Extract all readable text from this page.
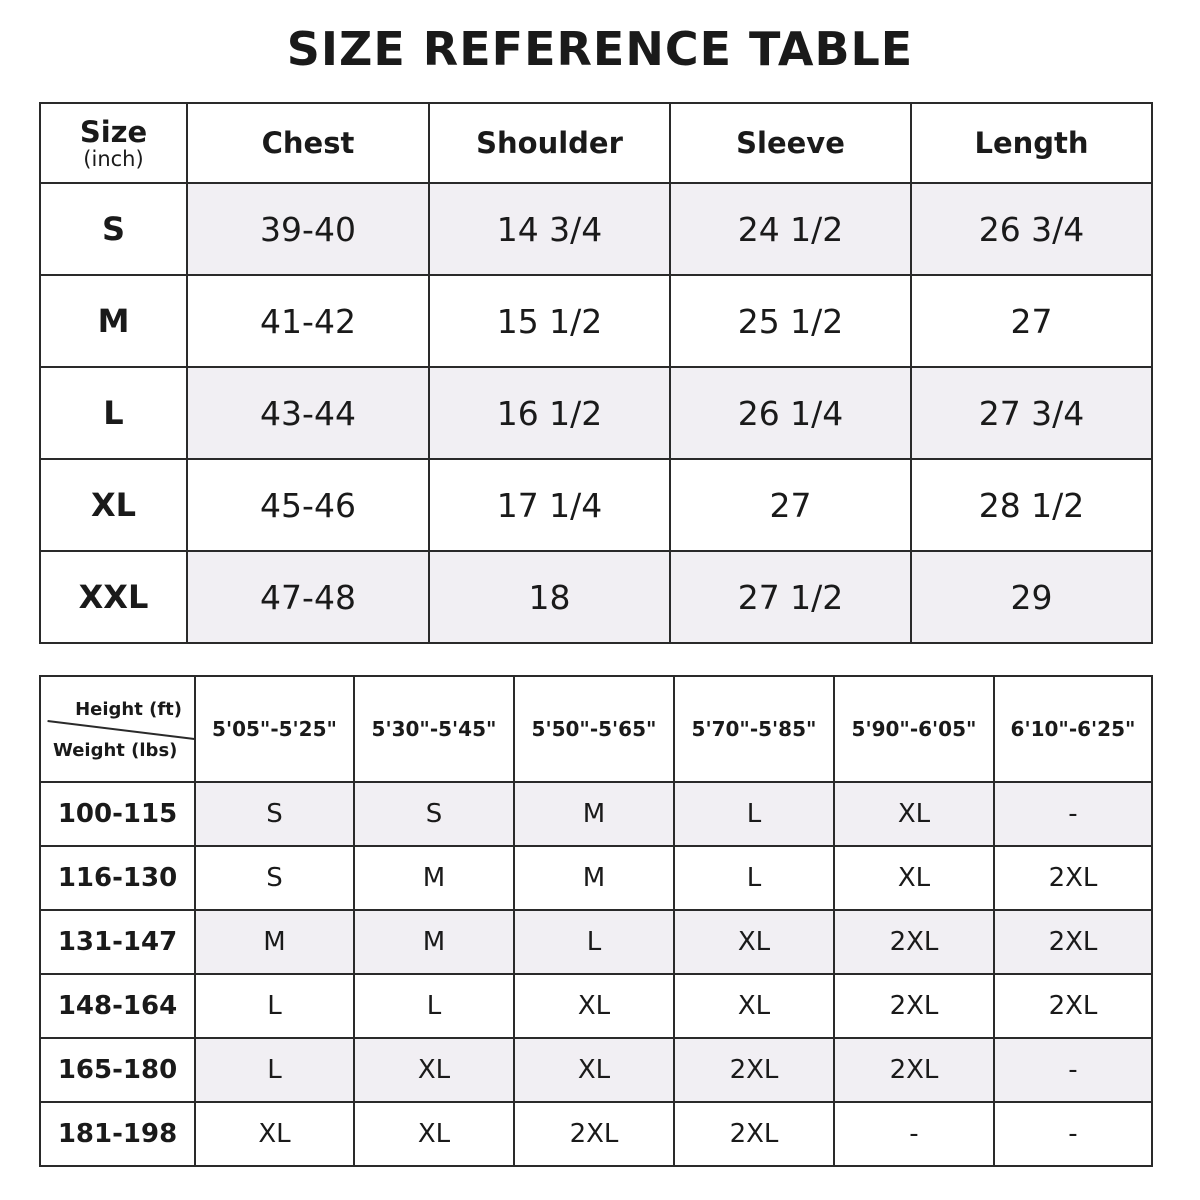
SIZE REFERENCE TABLE
Size
(inch)	Chest	Shoulder	Sleeve	Length
S	39-40	14 3/4	24 1/2	26 3/4
M	41-42	15 1/2	25 1/2	27
L	43-44	16 1/2	26 1/4	27 3/4
XL	45-46	17 1/4	27	28 1/2
XXL	47-48	18	27 1/2	29
Height (ft)
Weight (lbs)	5'05"-5'25"	5'30"-5'45"	5'50"-5'65"	5'70"-5'85"	5'90"-6'05"	6'10"-6'25"
100-115	S	S	M	L	XL	-
116-130	S	M	M	L	XL	2XL
131-147	M	M	L	XL	2XL	2XL
148-164	L	L	XL	XL	2XL	2XL
165-180	L	XL	XL	2XL	2XL	-
181-198	XL	XL	2XL	2XL	-	-
